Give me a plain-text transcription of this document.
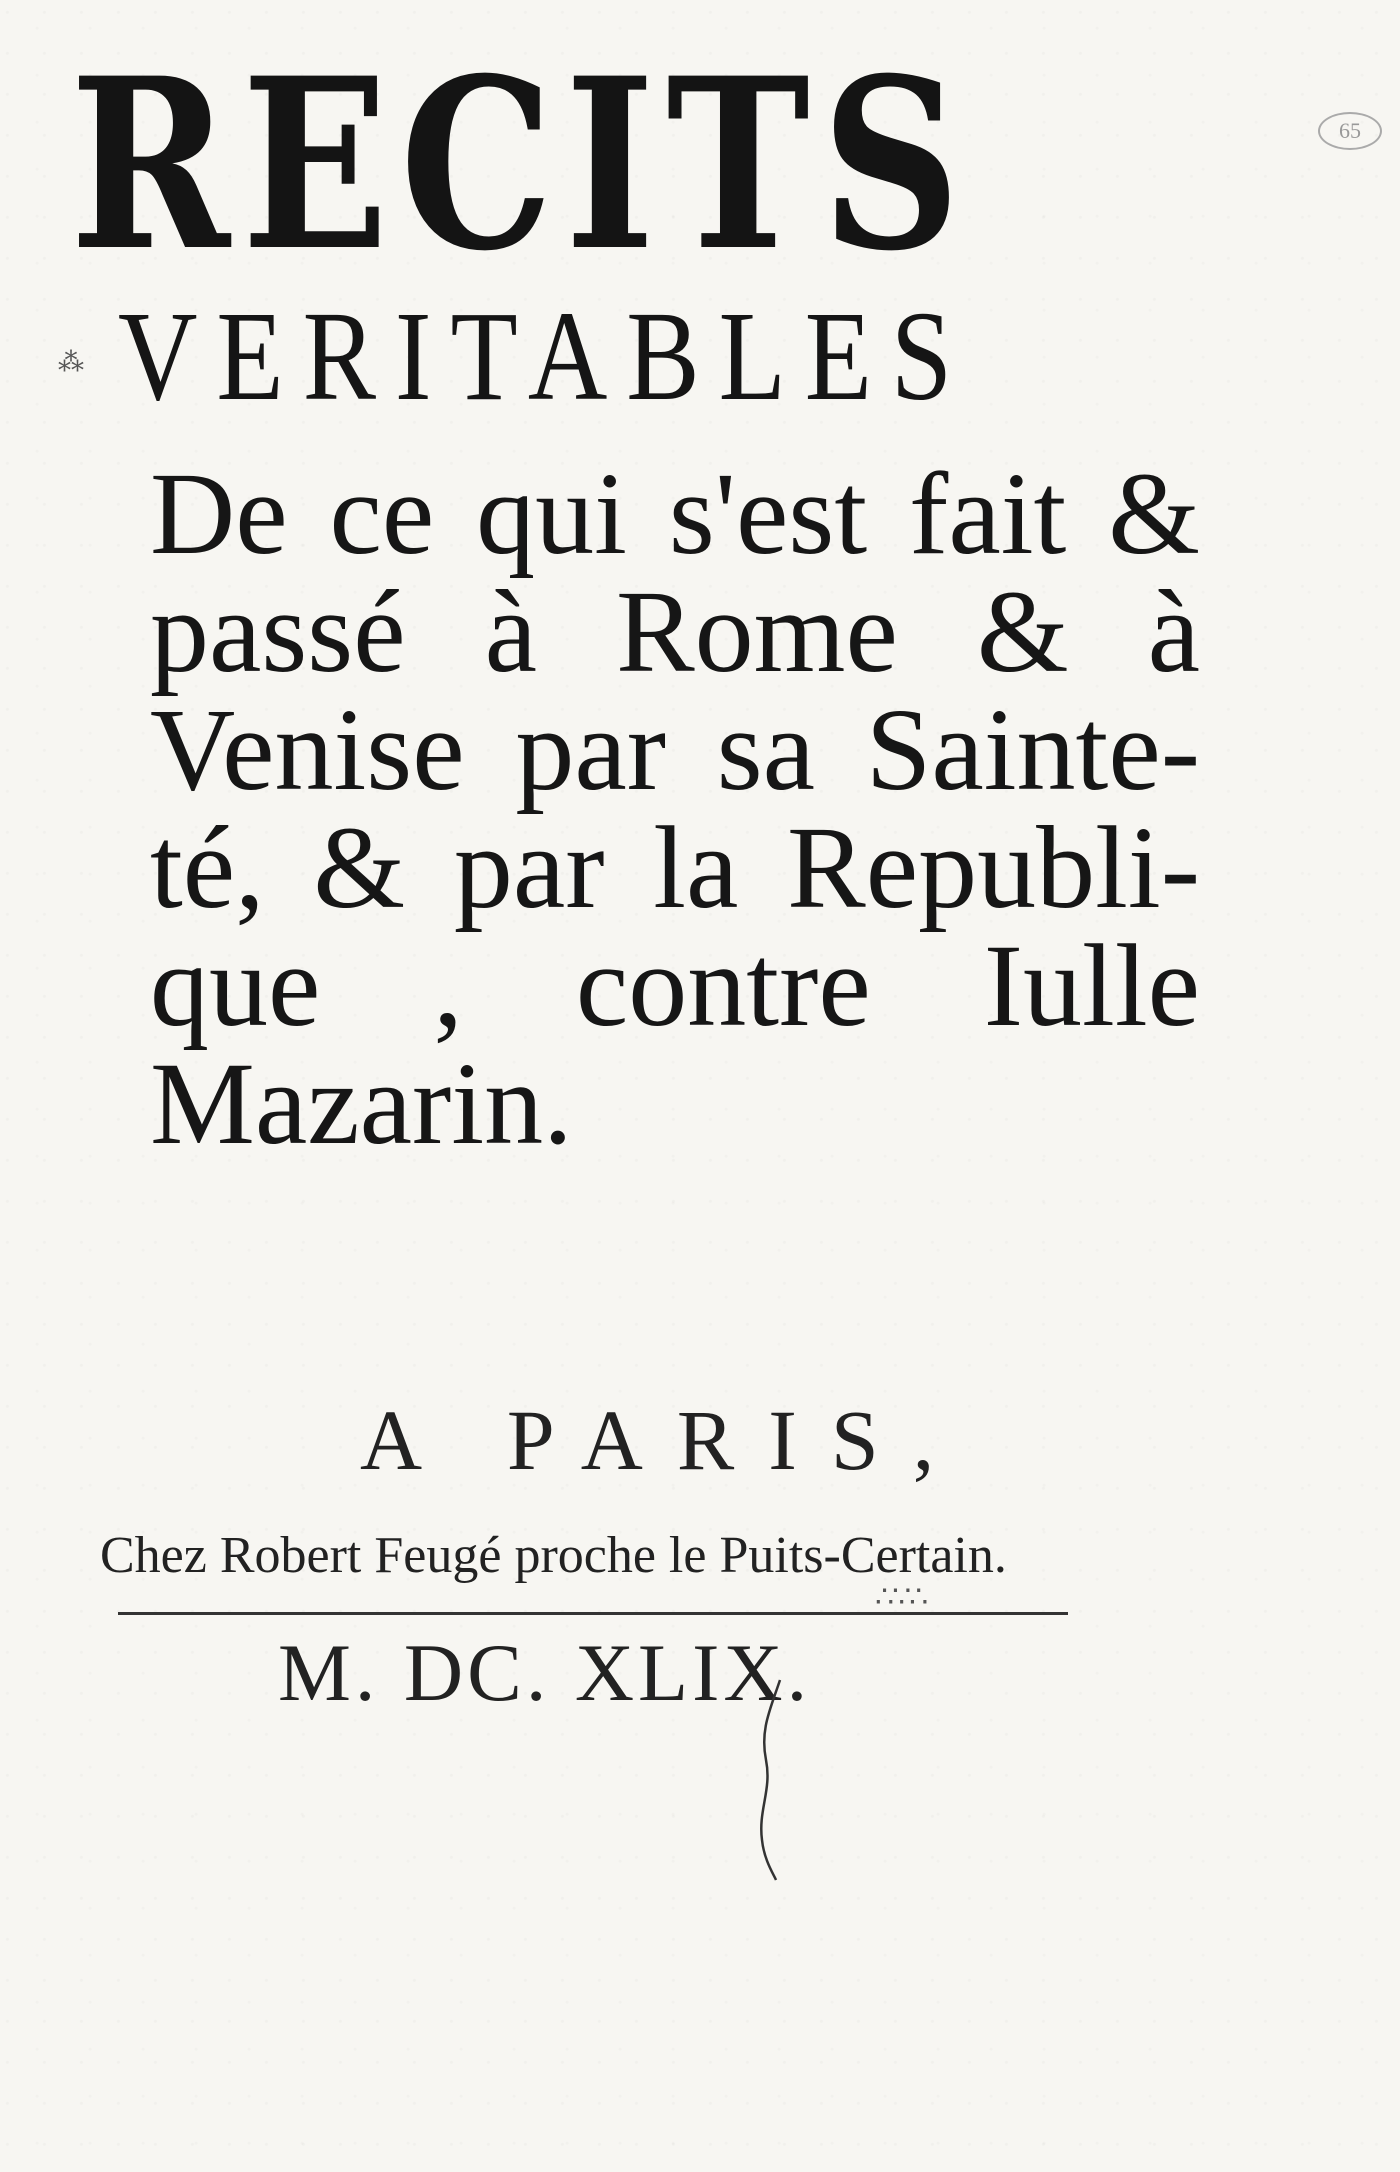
⁂
65
RECITS
VERITABLES
De ce qui s'est fait &
passé à Rome & à
Venise par sa Sainte-
té, & par la Republi-
que , contre Iulle
Mazarin.
A PARIS,
Chez Robert Feugé proche le Puits-Certain.
∴∵∴
M. DC. XLIX.
